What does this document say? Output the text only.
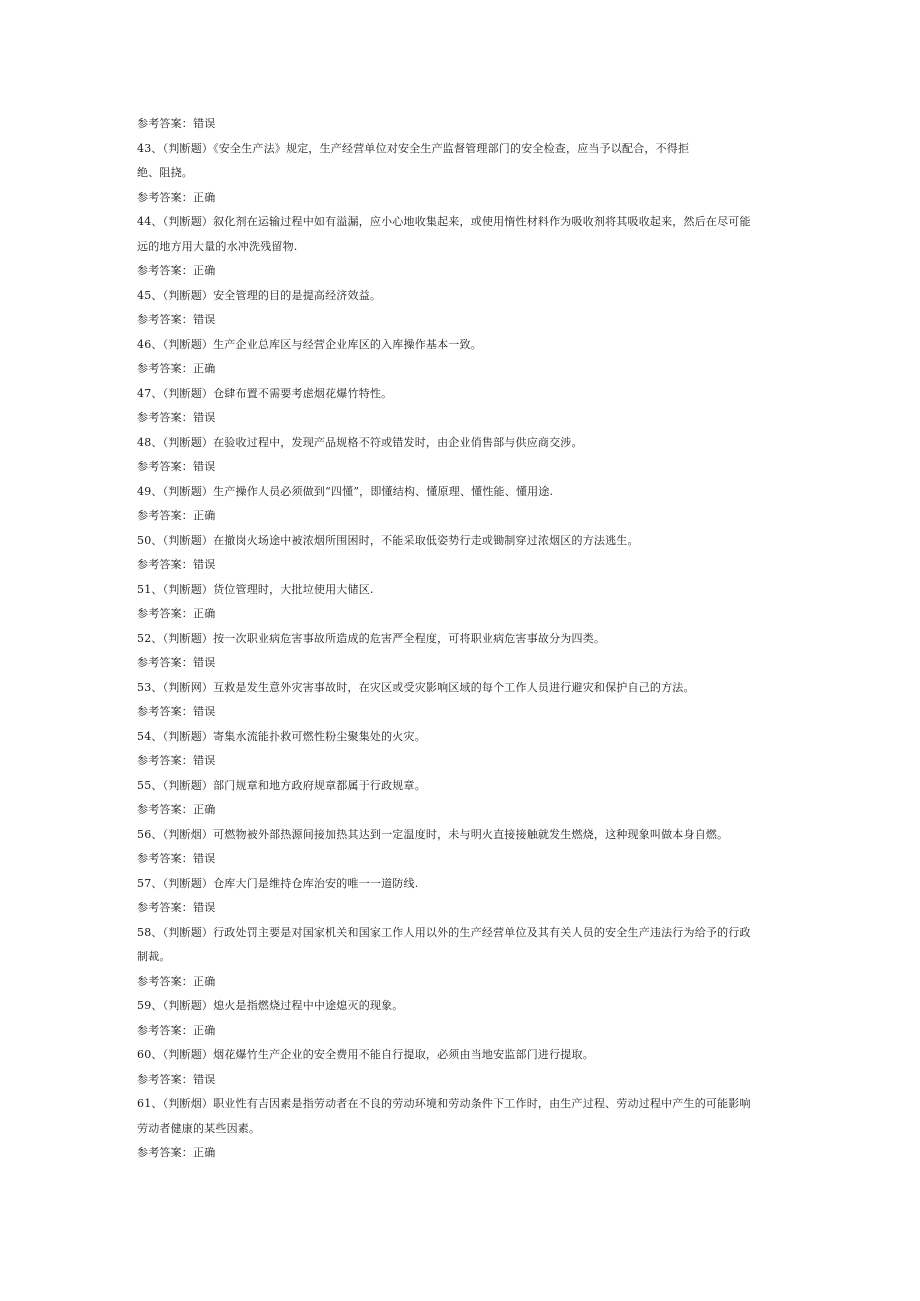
参考答案：错误
43、（判断题）《安全生产法》规定，生产经营单位对安全生产监督管理部门的安全检查，应当予以配合，不得拒
绝、阻挠。
参考答案：正确
44、（判断题）叙化剂在运输过程中如有溢漏，应小心地收集起来，或使用惰性材料作为吸收剂将其吸收起来，然后在尽可能
远的地方用大量的水冲洗残留物.
参考答案：正确
45、（判断题）安全管理的目的是提高经济效益。
参考答案：错误
46、（判断题）生产企业总库区与经营企业库区的入库操作基本一致。
参考答案：正确
47、（判断题）仓肆布置不需要考虑烟花爆竹特性。
参考答案：错误
48、（判断题）在验收过程中，发现产品规格不符或错发时，由企业俏售部与供应商交涉。
参考答案：错误
49、（判断题）生产操作人员必须做到“四懂”，即懂结构、懂原理、懂性能、懂用途.
参考答案：正确
50、（判断题）在撤岗火场途中被浓烟所围困时，不能采取低姿势行走或锄制穿过浓烟区的方法逃生。
参考答案：错误
51、（判断题）货位管理时，大批垃使用大储区.
参考答案：正确
52、（判断题）按一次职业病危害事故所造成的危害严全程度，可将职业病危害事故分为四类。
参考答案：错误
53、（判断网）互救是发生意外灾害事故时，在灾区或受灾影响区域的每个工作人员进行避灾和保护自己的方法。
参考答案：错误
54、（判断题）寄集水流能扑救可燃性粉尘聚集处的火灾。
参考答案：错误
55、（判断题）部门规章和地方政府规章都属于行政规章。
参考答案：正确
56、（判断烟）可燃物被外部热源间接加热其达到一定温度时，未与明火直接接触就发生燃烧，这种现象叫做本身自燃。
参考答案：错误
57、（判断题）仓库大门是维持仓库治安的唯一一道防线.
参考答案：错误
58、（判断题）行政处罚主要是对国家机关和国家工作人用以外的生产经营单位及其有关人员的安全生产违法行为给予的行政
制裁。
参考答案：正确
59、（判断题）熄火是指燃烧过程中中途熄灭的现象。
参考答案：正确
60、（判断题）烟花爆竹生产企业的安全费用不能自行提取，必须由当地安监部门进行提取。
参考答案：错误
61、（判断烟）职业性有吉因素是指劳动者在不良的劳动环境和劳动条件下工作时，由生产过程、劳动过程中产生的可能影响
劳动者健康的某些因素。
参考答案：正确
